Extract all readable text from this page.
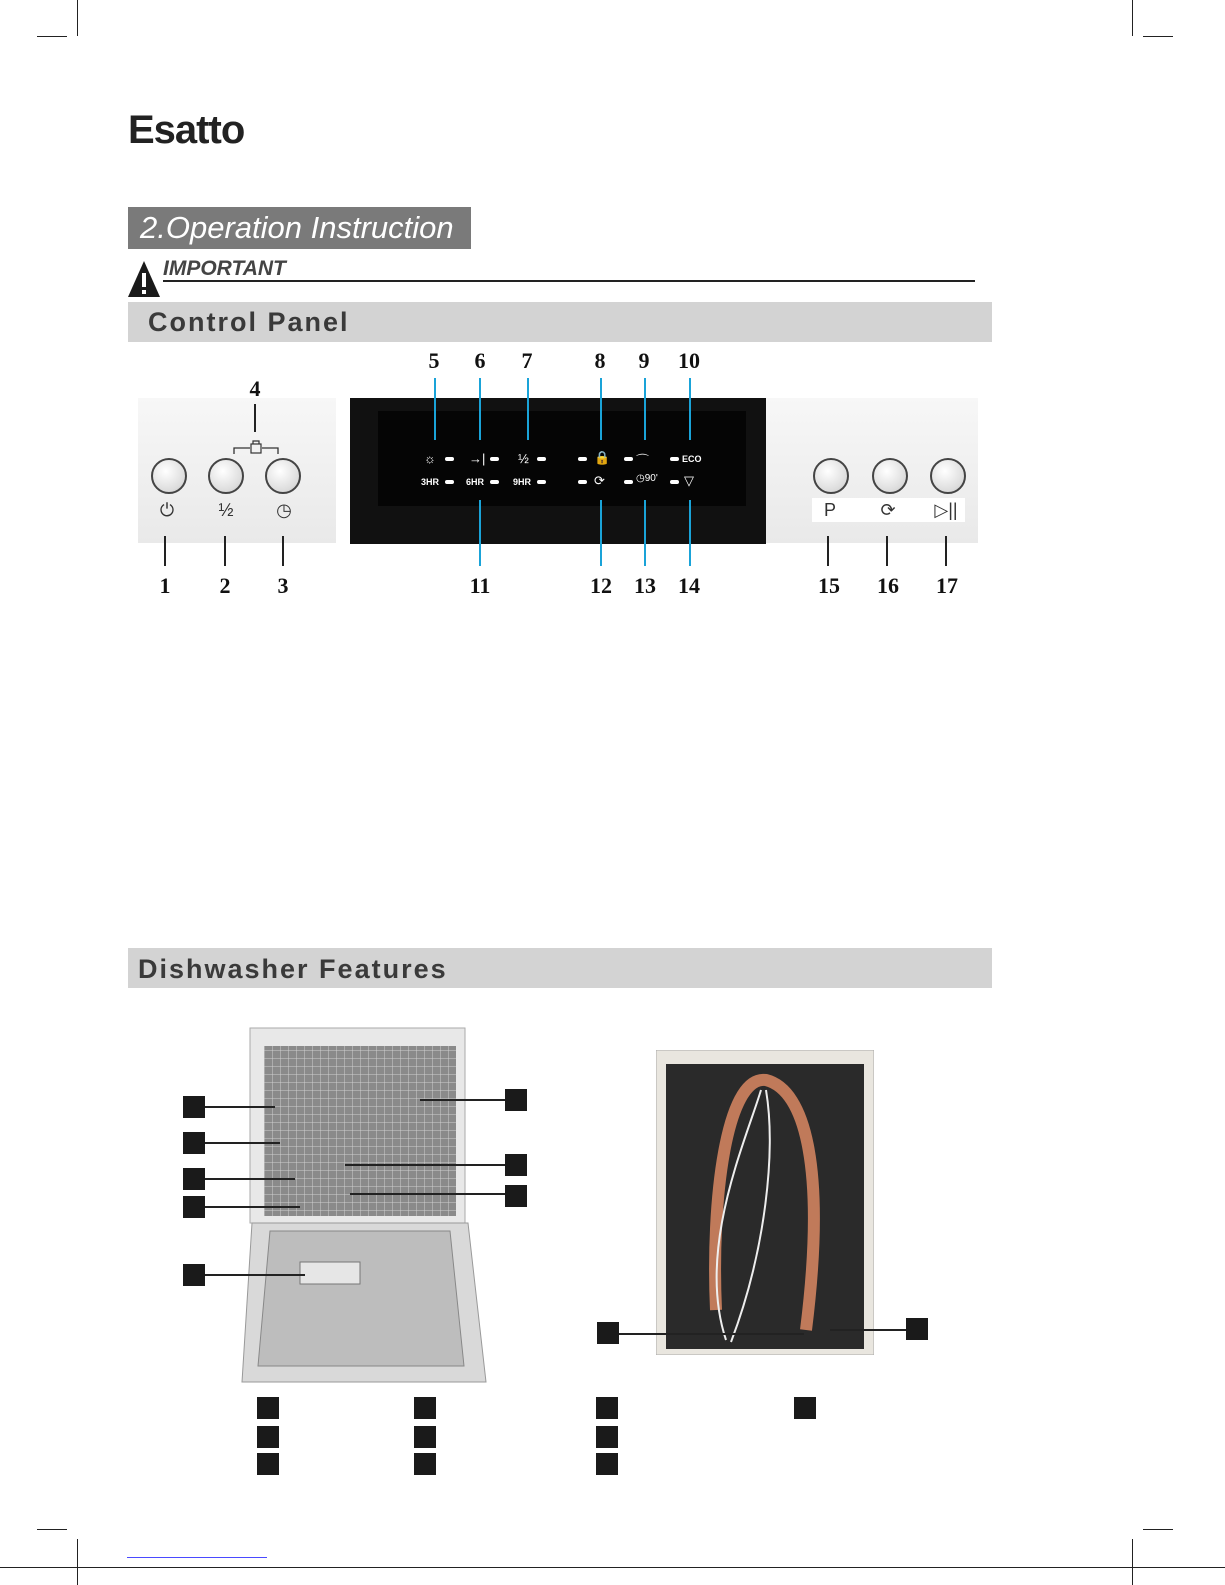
Esatto
2.Operation Instruction
IMPORTANT
Control Panel
4
5 6 7	8 9 10
⏻ ½ ◷	P ⟳ ▷||
☼	→|	½	🔒 ⌒	ECO
3HR	6HR	9HR	⟳	◷90' ▽
1 2 3	11	12 13 14	15 16 17
Dishwasher Features
